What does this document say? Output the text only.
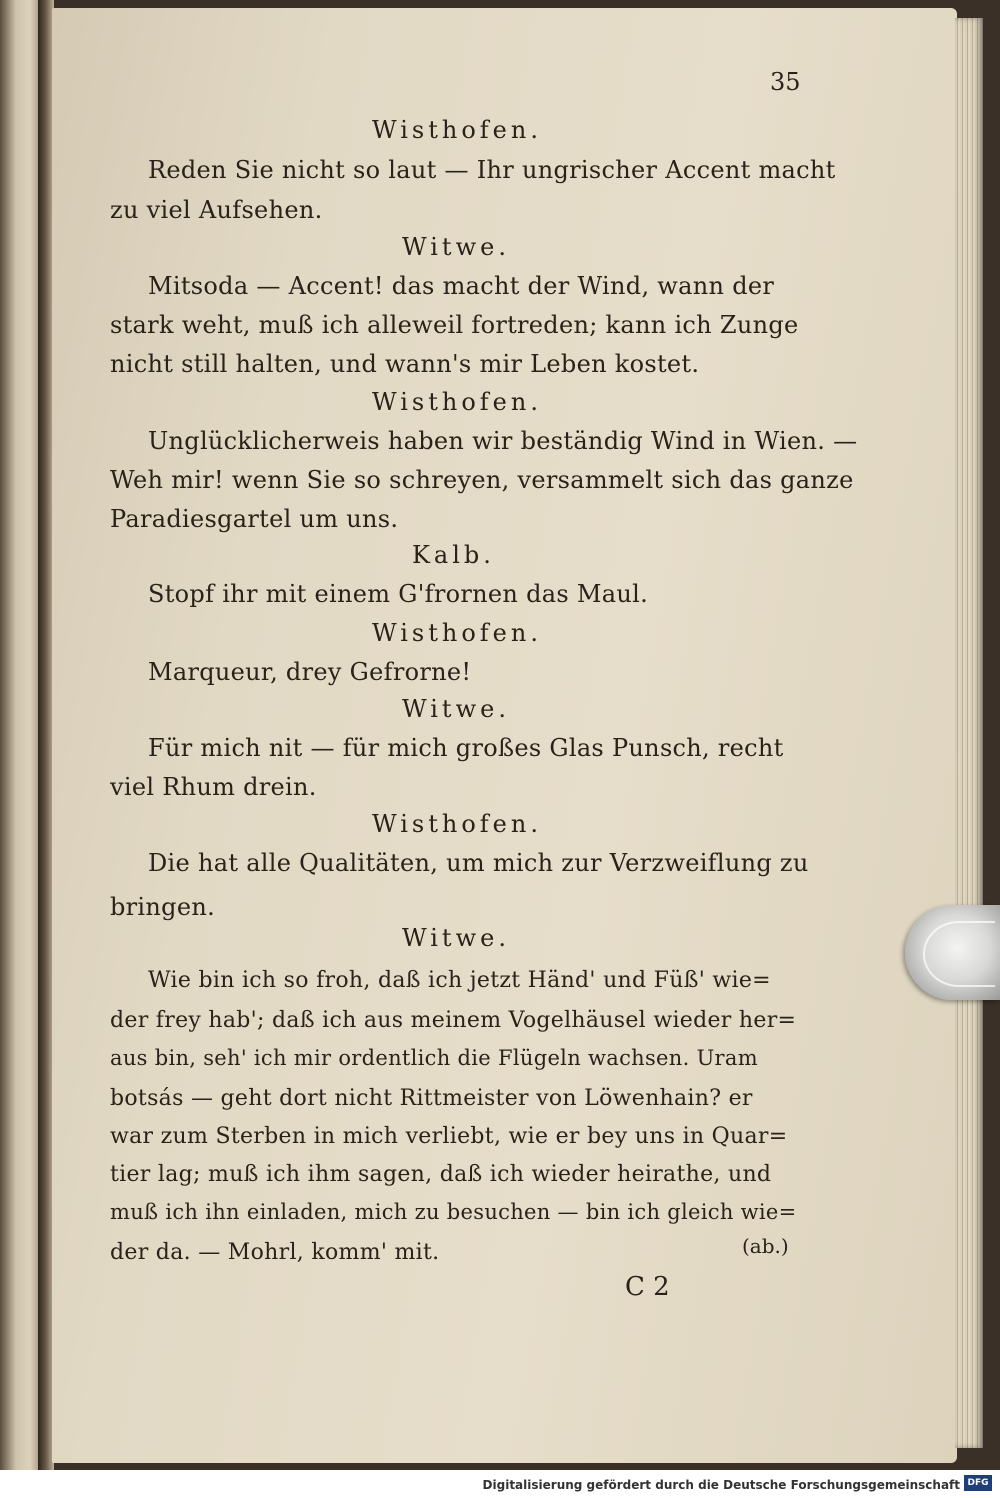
35
Wisthofen.
Reden Sie nicht so laut — Ihr ungrischer Accent macht
zu viel Aufsehen.
Witwe.
Mitsoda — Accent! das macht der Wind, wann der
stark weht, muß ich alleweil fortreden; kann ich Zunge
nicht still halten, und wann's mir Leben kostet.
Wisthofen.
Unglücklicherweis haben wir beständig Wind in Wien. —
Weh mir! wenn Sie so schreyen, versammelt sich das ganze
Paradiesgartel um uns.
Kalb.
Stopf ihr mit einem G'frornen das Maul.
Wisthofen.
Marqueur, drey Gefrorne!
Witwe.
Für mich nit — für mich großes Glas Punsch, recht
viel Rhum drein.
Wisthofen.
Die hat alle Qualitäten, um mich zur Verzweiflung zu
bringen.
Witwe.
Wie bin ich so froh, daß ich jetzt Händ' und Füß' wie=
der frey hab'; daß ich aus meinem Vogelhäusel wieder her=
aus bin, seh' ich mir ordentlich die Flügeln wachsen. Uram
botsás — geht dort nicht Rittmeister von Löwenhain? er
war zum Sterben in mich verliebt, wie er bey uns in Quar=
tier lag; muß ich ihm sagen, daß ich wieder heirathe, und
muß ich ihn einladen, mich zu besuchen — bin ich gleich wie=
der da. — Mohrl, komm' mit.	(ab.)
C 2
Digitalisierung gefördert durch die Deutsche Forschungsgemeinschaft DFG
